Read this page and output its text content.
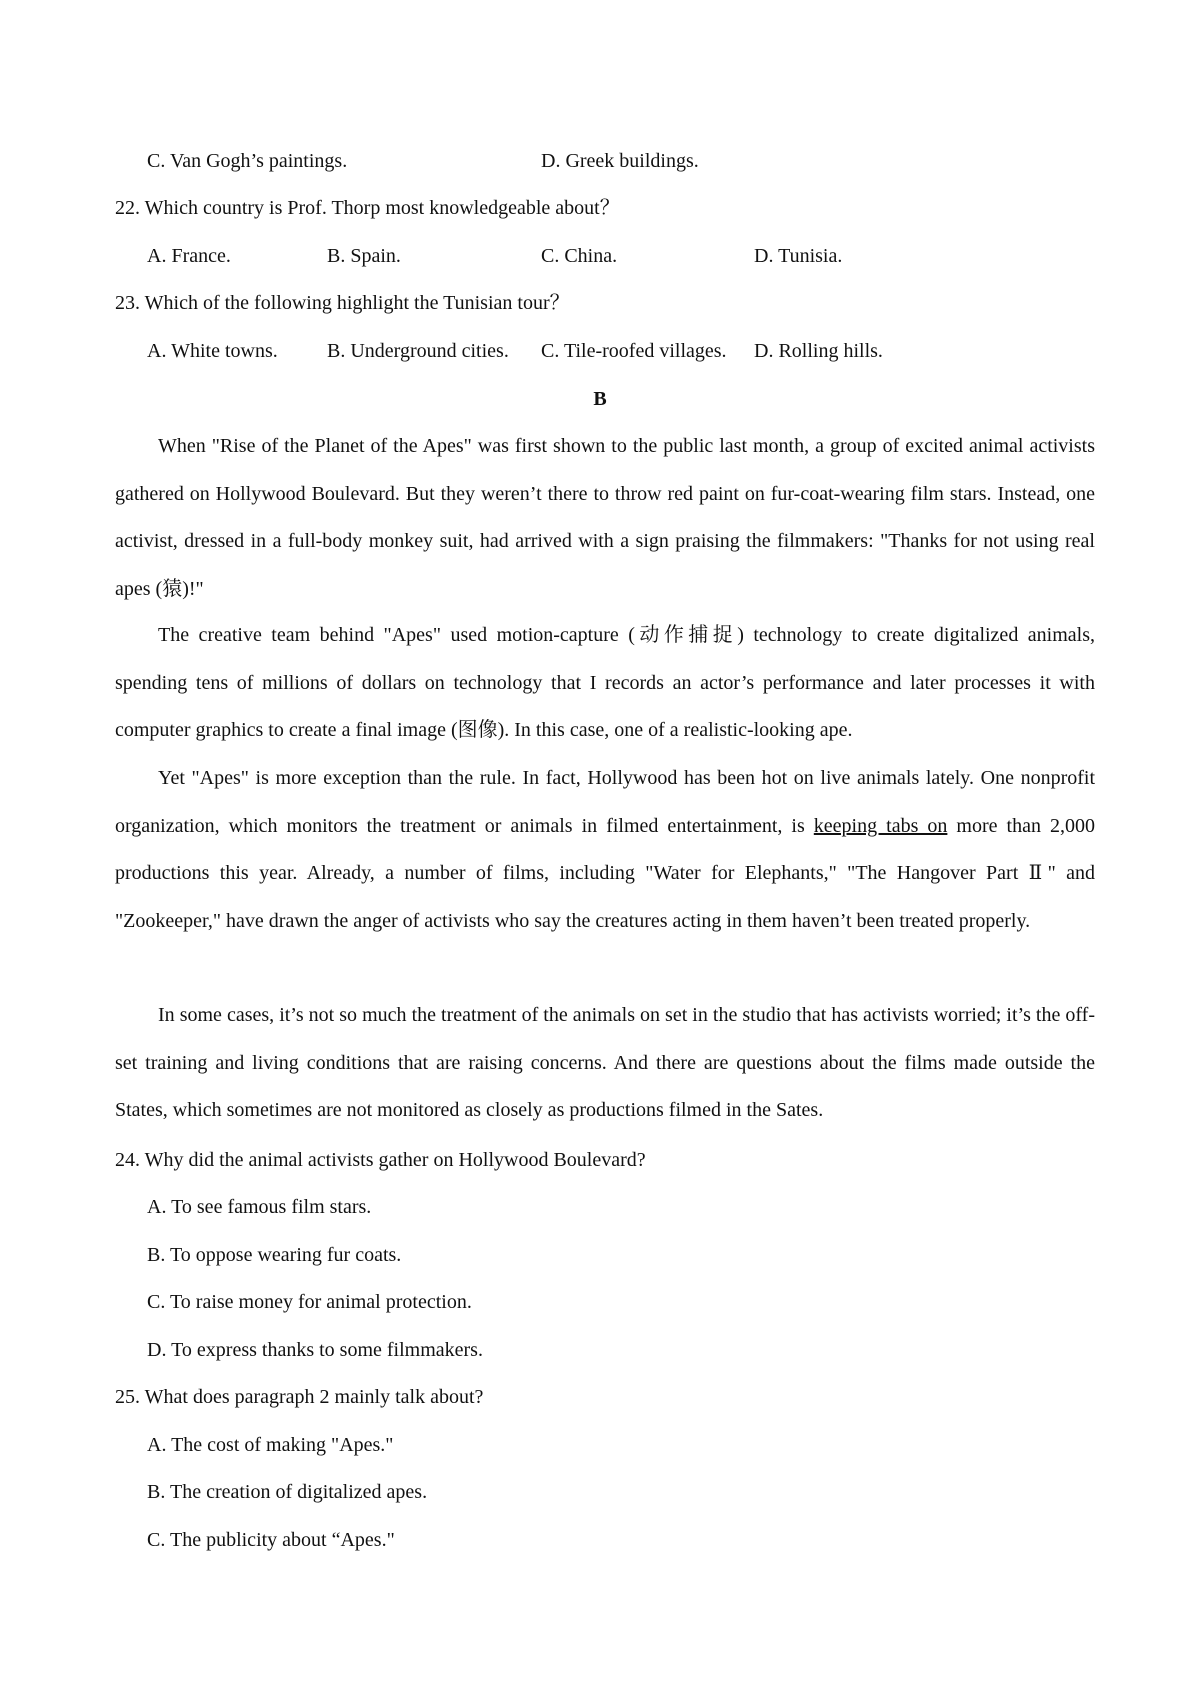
C. Van Gogh’s paintings.	D. Greek buildings.
22. Which country is Prof. Thorp most knowledgeable about？
A. France.	B. Spain.	C. China.	D. Tunisia.
23. Which of the following highlight the Tunisian tour？
A. White towns. B. Underground cities. C. Tile-roofed villages. D. Rolling hills.
B
When "Rise of the Planet of the Apes" was first shown to the public last month, a group of excited animal activists gathered on Hollywood Boulevard. But they weren’t there to throw red paint on fur-coat-wearing film stars. Instead, one activist, dressed in a full-body monkey suit, had arrived with a sign praising the filmmakers: "Thanks for not using real apes (猿)!"
The creative team behind "Apes" used motion-capture (动作捕捉) technology to create digitalized animals, spending tens of millions of dollars on technology that I records an actor’s performance and later processes it with computer graphics to create a final image (图像). In this case, one of a realistic-looking ape.
Yet "Apes" is more exception than the rule. In fact, Hollywood has been hot on live animals lately. One nonprofit organization, which monitors the treatment or animals in filmed entertainment, is keeping tabs on more than 2,000 productions this year. Already, a number of films, including "Water for Elephants," "The Hangover Part Ⅱ" and "Zookeeper," have drawn the anger of activists who say the creatures acting in them haven’t been treated properly.
In some cases, it’s not so much the treatment of the animals on set in the studio that has activists worried; it’s the off-set training and living conditions that are raising concerns. And there are questions about the films made outside the States, which sometimes are not monitored as closely as productions filmed in the Sates.
24. Why did the animal activists gather on Hollywood Boulevard?
A. To see famous film stars.
B. To oppose wearing fur coats.
C. To raise money for animal protection.
D. To express thanks to some filmmakers.
25. What does paragraph 2 mainly talk about?
A. The cost of making "Apes."
B. The creation of digitalized apes.
C. The publicity about “Apes."
